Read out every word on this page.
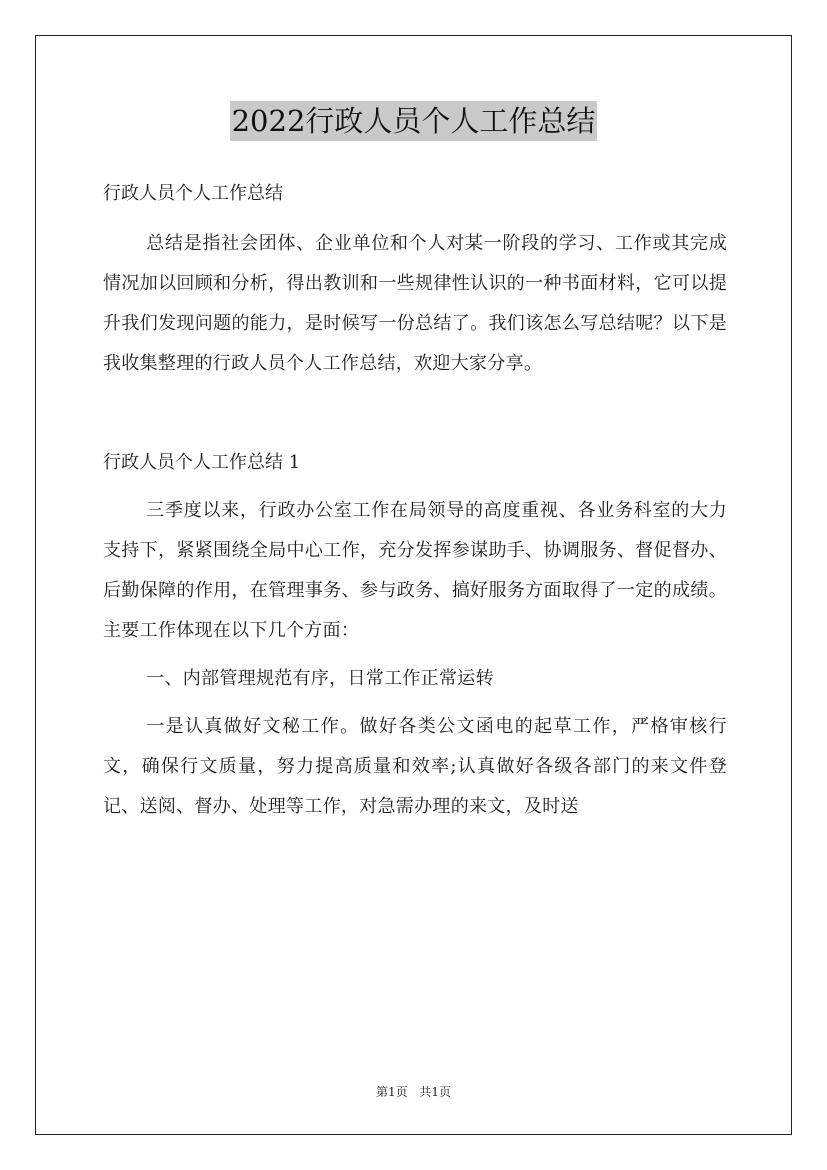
2022行政人员个人工作总结

行政人员个人工作总结

总结是指社会团体、企业单位和个人对某一阶段的学习、工作或其完成情况加以回顾和分析，得出教训和一些规律性认识的一种书面材料，它可以提升我们发现问题的能力，是时候写一份总结了。我们该怎么写总结呢？以下是我收集整理的行政人员个人工作总结，欢迎大家分享。

行政人员个人工作总结 1

三季度以来，行政办公室工作在局领导的高度重视、各业务科室的大力支持下，紧紧围绕全局中心工作，充分发挥参谋助手、协调服务、督促督办、后勤保障的作用，在管理事务、参与政务、搞好服务方面取得了一定的成绩。主要工作体现在以下几个方面：

一、内部管理规范有序，日常工作正常运转

一是认真做好文秘工作。做好各类公文函电的起草工作，严格审核行文，确保行文质量，努力提高质量和效率;认真做好各级各部门的来文件登记、送阅、督办、处理等工作，对急需办理的来文，及时送

第1页 共1页
